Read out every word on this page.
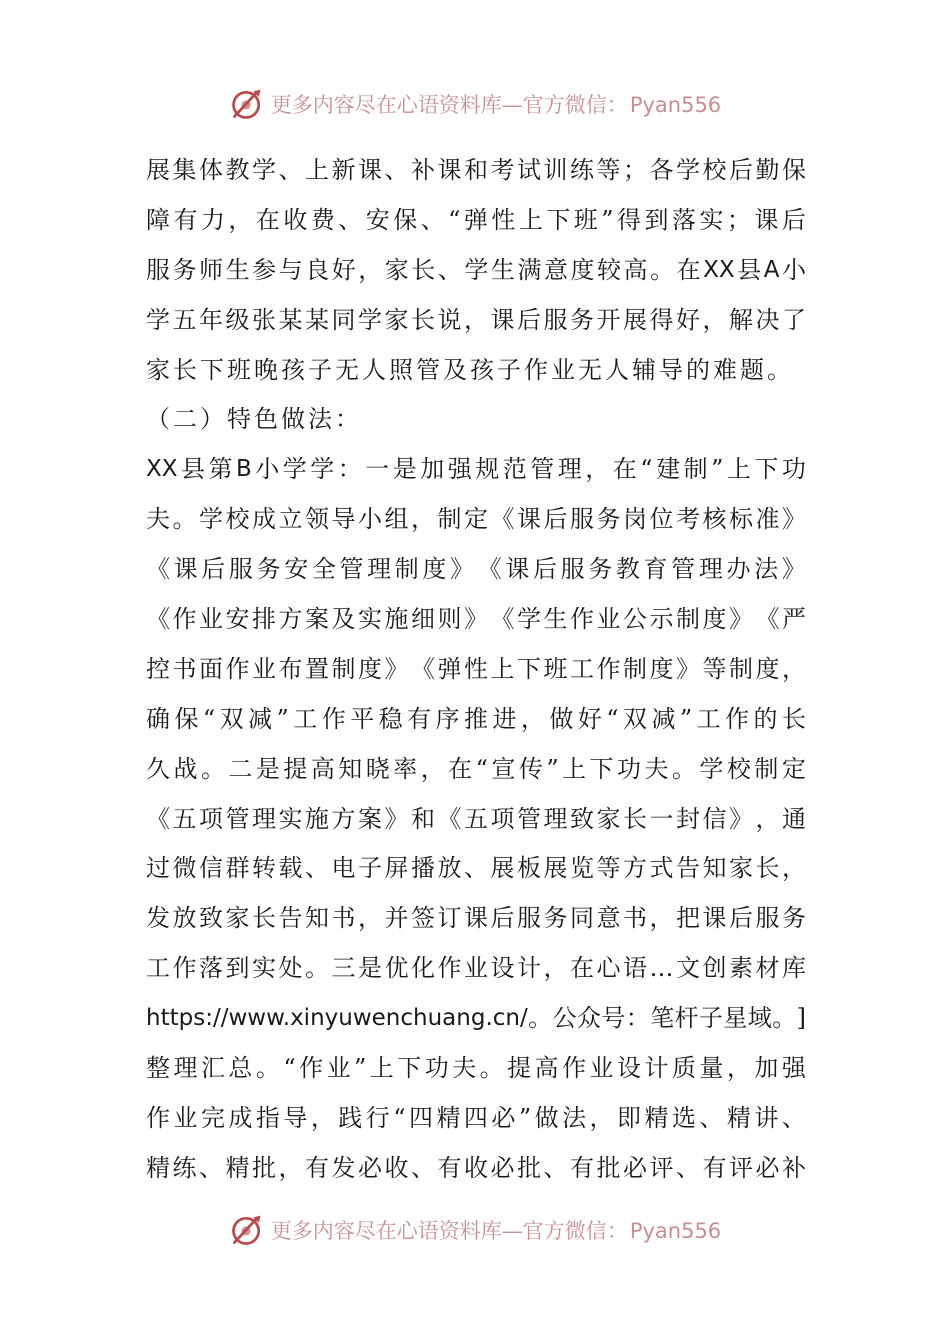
更多内容尽在心语资料库—官方微信：Pyan556
展 集 体 教 学 、 上 新 课 、 补 课 和 考 试 训 练 等 ； 各 学 校 后 勤 保
障 有 力 ， 在 收 费 、 安 保 、 “ 弹 性 上 下 班 ” 得 到 落 实 ； 课 后
服 务 师 生 参 与 良 好 ， 家 长 、 学 生 满 意 度 较 高 。 在 XX 县 A 小
学 五 年 级 张 某 某 同 学 家 长 说 ， 课 后 服 务 开 展 得 好 ， 解 决 了
家 长 下 班 晚 孩 子 无 人 照 管 及 孩 子 作 业 无 人 辅 导 的 难 题 。
（ 二 ） 特 色 做 法 ：
XX 县 第 B 小 学 学 ： 一 是 加 强 规 范 管 理 ， 在 “ 建 制 ” 上 下 功
夫 。 学 校 成 立 领 导 小 组 ， 制 定 《 课 后 服 务 岗 位 考 核 标 准 》
《 课 后 服 务 安 全 管 理 制 度 》 《 课 后 服 务 教 育 管 理 办 法 》
《 作 业 安 排 方 案 及 实 施 细 则 》 《 学 生 作 业 公 示 制 度 》 《 严
控 书 面 作 业 布 置 制 度 》 《 弹 性 上 下 班 工 作 制 度 》 等 制 度 ，
确 保 “ 双 减 ” 工 作 平 稳 有 序 推 进 ， 做 好 “ 双 减 ” 工 作 的 长
久 战 。 二 是 提 高 知 晓 率 ， 在 “ 宣 传 ” 上 下 功 夫 。 学 校 制 定
《 五 项 管 理 实 施 方 案 》 和 《 五 项 管 理 致 家 长 一 封 信 》 ， 通
过 微 信 群 转 载 、 电 子 屏 播 放 、 展 板 展 览 等 方 式 告 知 家 长 ，
发 放 致 家 长 告 知 书 ， 并 签 订 课 后 服 务 同 意 书 ， 把 课 后 服 务
工 作 落 到 实 处 。 三 是 优 化 作 业 设 计 ， 在 心 语 … 文 创 素 材 库
https://www.xinyuwenchuang.cn/ 。 公 众 号 ： 笔 杆 子 星 域 。 ]
整 理 汇 总 。 “ 作 业 ” 上 下 功 夫 。 提 高 作 业 设 计 质 量 ， 加 强
作 业 完 成 指 导 ， 践 行 “ 四 精 四 必 ” 做 法 ， 即 精 选 、 精 讲 、
精 练 、 精 批 ， 有 发 必 收 、 有 收 必 批 、 有 批 必 评 、 有 评 必 补
更多内容尽在心语资料库—官方微信：Pyan556
